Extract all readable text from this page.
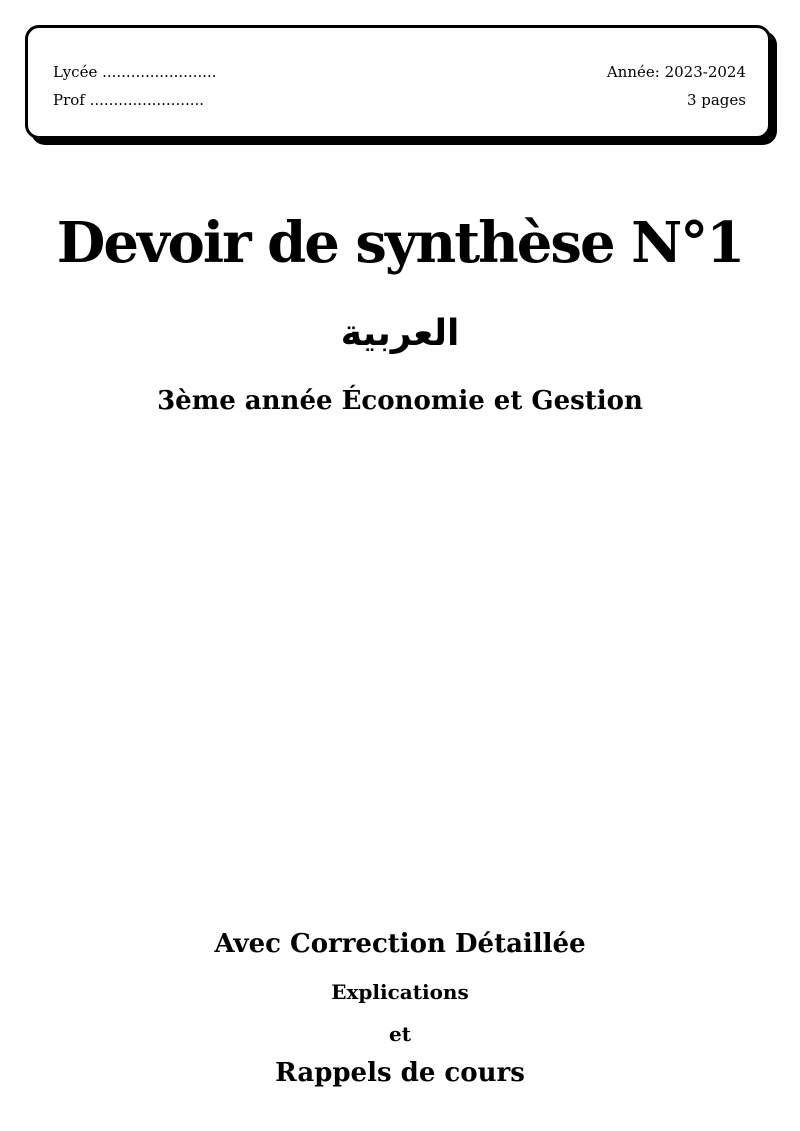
Lycée ........................
Prof ........................
Année: 2023-2024
3 pages
Devoir de synthèse N°1
العربية
3ème année Économie et Gestion
Avec Correction Détaillée
Explications
et
Rappels de cours
